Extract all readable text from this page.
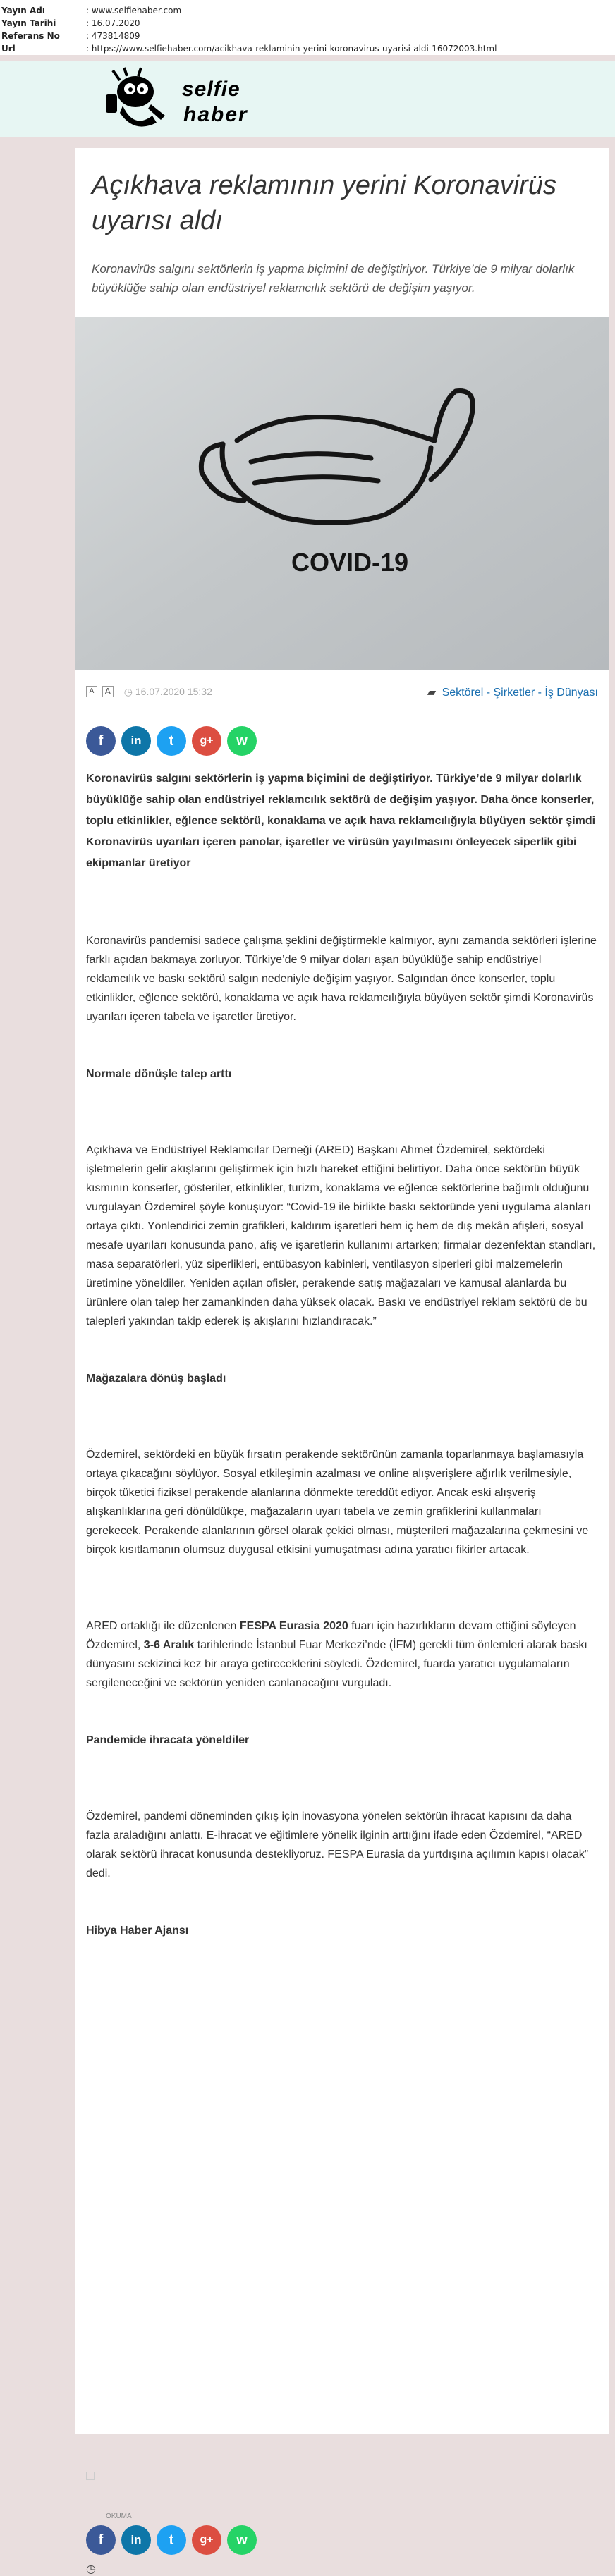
Yayın Adı	: www.selfiehaber.com
Yayın Tarihi	: 16.07.2020
Referans No	: 473814809
Url	: https://www.selfiehaber.com/acikhava-reklaminin-yerini-koronavirus-uyarisi-aldi-16072003.html
selfie
haber
Açıkhava reklamının yerini Koronavirüs uyarısı aldı
Koronavirüs salgını sektörlerin iş yapma biçimini de değiştiriyor. Türkiye’de 9 milyar dolarlık büyüklüğe sahip olan endüstriyel reklamcılık sektörü de değişim yaşıyor.
COVID-19
A A ◷ 16.07.2020 15:32	▰ Sektörel - Şirketler - İş Dünyası
f	in	t	g+	w

Koronavirüs salgını sektörlerin iş yapma biçimini de değiştiriyor. Türkiye’de 9 milyar dolarlık büyüklüğe sahip olan endüstriyel reklamcılık sektörü de değişim yaşıyor. Daha önce konserler, toplu etkinlikler, eğlence sektörü, konaklama ve açık hava reklamcılığıyla büyüyen sektör şimdi Koronavirüs uyarıları içeren panolar, işaretler ve virüsün yayılmasını önleyecek siperlik gibi ekipmanlar üretiyor

Koronavirüs pandemisi sadece çalışma şeklini değiştirmekle kalmıyor, aynı zamanda sektörleri işlerine farklı açıdan bakmaya zorluyor. Türkiye’de 9 milyar doları aşan büyüklüğe sahip endüstriyel reklamcılık ve baskı sektörü salgın nedeniyle değişim yaşıyor. Salgından önce konserler, toplu etkinlikler, eğlence sektörü, konaklama ve açık hava reklamcılığıyla büyüyen sektör şimdi Koronavirüs uyarıları içeren tabela ve işaretler üretiyor.

Normale dönüşle talep arttı

Açıkhava ve Endüstriyel Reklamcılar Derneği (ARED) Başkanı Ahmet Özdemirel, sektördeki işletmelerin gelir akışlarını geliştirmek için hızlı hareket ettiğini belirtiyor. Daha önce sektörün büyük kısmının konserler, gösteriler, etkinlikler, turizm, konaklama ve eğlence sektörlerine bağımlı olduğunu vurgulayan Özdemirel şöyle konuşuyor: “Covid-19 ile birlikte baskı sektöründe yeni uygulama alanları ortaya çıktı. Yönlendirici zemin grafikleri, kaldırım işaretleri hem iç hem de dış mekân afişleri, sosyal mesafe uyarıları konusunda pano, afiş ve işaretlerin kullanımı artarken; firmalar dezenfektan standları, masa separatörleri, yüz siperlikleri, entübasyon kabinleri, ventilasyon siperleri gibi malzemelerin üretimine yöneldiler. Yeniden açılan ofisler, perakende satış mağazaları ve kamusal alanlarda bu ürünlere olan talep her zamankinden daha yüksek olacak. Baskı ve endüstriyel reklam sektörü de bu talepleri yakından takip ederek iş akışlarını hızlandıracak.”

Mağazalara dönüş başladı

Özdemirel, sektördeki en büyük fırsatın perakende sektörünün zamanla toparlanmaya başlamasıyla ortaya çıkacağını söylüyor. Sosyal etkileşimin azalması ve online alışverişlere ağırlık verilmesiyle, birçok tüketici fiziksel perakende alanlarına dönmekte tereddüt ediyor. Ancak eski alışveriş alışkanlıklarına geri dönüldükçe, mağazaların uyarı tabela ve zemin grafiklerini kullanmaları gerekecek. Perakende alanlarının görsel olarak çekici olması, müşterileri mağazalarına çekmesini ve birçok kısıtlamanın olumsuz duygusal etkisini yumuşatması adına yaratıcı fikirler artacak.

ARED ortaklığı ile düzenlenen FESPA Eurasia 2020 fuarı için hazırlıkların devam ettiğini söyleyen Özdemirel, 3-6 Aralık tarihlerinde İstanbul Fuar Merkezi’nde (İFM) gerekli tüm önlemleri alarak baskı dünyasını sekizinci kez bir araya getireceklerini söyledi. Özdemirel, fuarda yaratıcı uygulamaların sergileneceğini ve sektörün yeniden canlanacağını vurguladı.

Pandemide ihracata yöneldiler

Özdemirel, pandemi döneminden çıkış için inovasyona yönelen sektörün ihracat kapısını da daha fazla araladığını anlattı. E-ihracat ve eğitimlere yönelik ilginin arttığını ifade eden Özdemirel, “ARED olarak sektörü ihracat konusunda destekliyoruz. FESPA Eurasia da yurtdışına açılımın kapısı olacak” dedi.

Hibya Haber Ajansı

OKUMA
f	in	t	g+	w
◷
